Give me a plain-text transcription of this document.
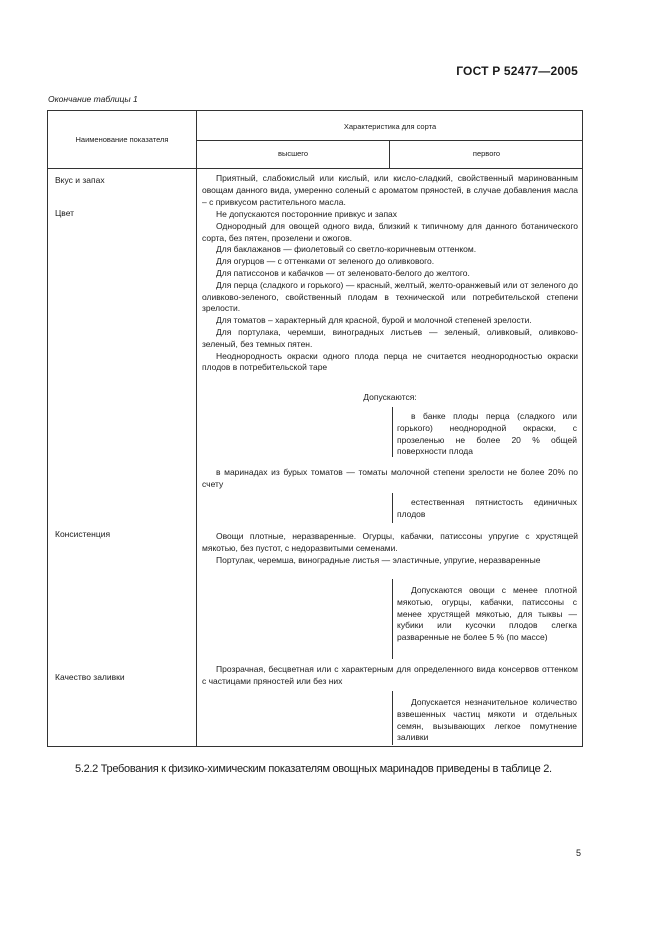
ГОСТ Р 52477—2005
Окончание таблицы 1
Наименование показателя
Характеристика для сорта
высшего	первого
Вкус и запах
Цвет
Консистенция
Качество заливки

Приятный, слабокислый или кислый, или кисло-сладкий, свойственный маринованным овощам данного вида, умеренно соленый с ароматом пряностей, в случае добавления масла – с привкусом растительного масла.

Не допускаются посторонние привкус и запах

Однородный для овощей одного вида, близкий к типичному для данного ботанического сорта, без пятен, прозелени и ожогов.

Для баклажанов — фиолетовый со светло-коричневым оттенком.

Для огурцов — с оттенками от зеленого до оливкового.

Для патиссонов и кабачков — от зеленовато-белого до желтого.

Для перца (сладкого и горького) — красный, желтый, желто-оранжевый или от зеленого до оливково-зеленого, свойственный плодам в технической или потребительской степени зрелости.

Для томатов – характерный для красной, бурой и молочной степеней зрелости.

Для портулака, черемши, виноградных листьев — зеленый, оливковый, оливково-зеленый, без темных пятен.

Неоднородность окраски одного плода перца не считается неоднородностью окраски плодов в потребительской таре

Допускаются:

в банке плоды перца (сладкого или горького) неоднородной окраски, с прозеленью не более 20 % общей поверхности плода

в маринадах из бурых томатов — томаты молочной степени зрелости не более 20% по счету

естественная пятнистость единичных плодов

Овощи плотные, неразваренные. Огурцы, кабачки, патиссоны упругие с хрустящей мякотью, без пустот, с недоразвитыми семенами.

Портулак, черемша, виноградные листья — эластичные, упругие, неразваренные

Допускаются овощи с менее плотной мякотью, огурцы, кабачки, патиссоны с менее хрустящей мякотью, для тыквы — кубики или кусочки плодов слегка разваренные не более 5 % (по массе)

Прозрачная, бесцветная или с характерным для определенного вида консервов оттенком с частицами пряностей или без них

Допускается незначительное количество взвешенных частиц мякоти и отдельных семян, вызывающих легкое помутнение заливки

5.2.2 Требования к физико-химическим показателям овощных маринадов приведены в таблице 2.
5
